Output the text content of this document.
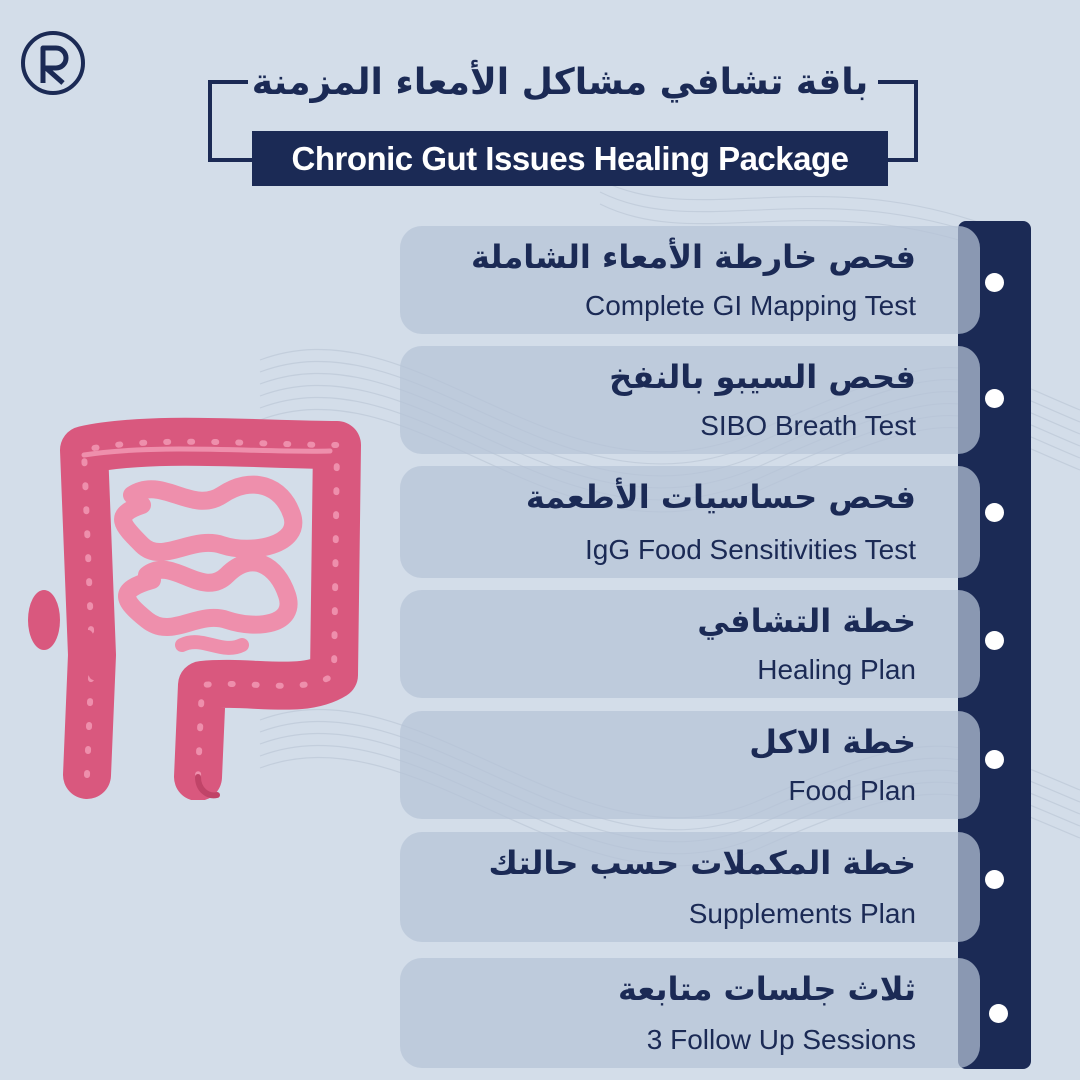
باقة تشافي مشاكل الأمعاء المزمنة
Chronic Gut Issues Healing Package
فحص خارطة الأمعاء الشاملة
Complete GI Mapping Test
فحص السيبو بالنفخ
SIBO Breath Test
فحص حساسيات الأطعمة
IgG Food Sensitivities Test
خطة التشافي
Healing Plan
خطة الاكل
Food Plan
خطة المكملات حسب حالتك
Supplements Plan
ثلاث جلسات متابعة
3 Follow Up Sessions
